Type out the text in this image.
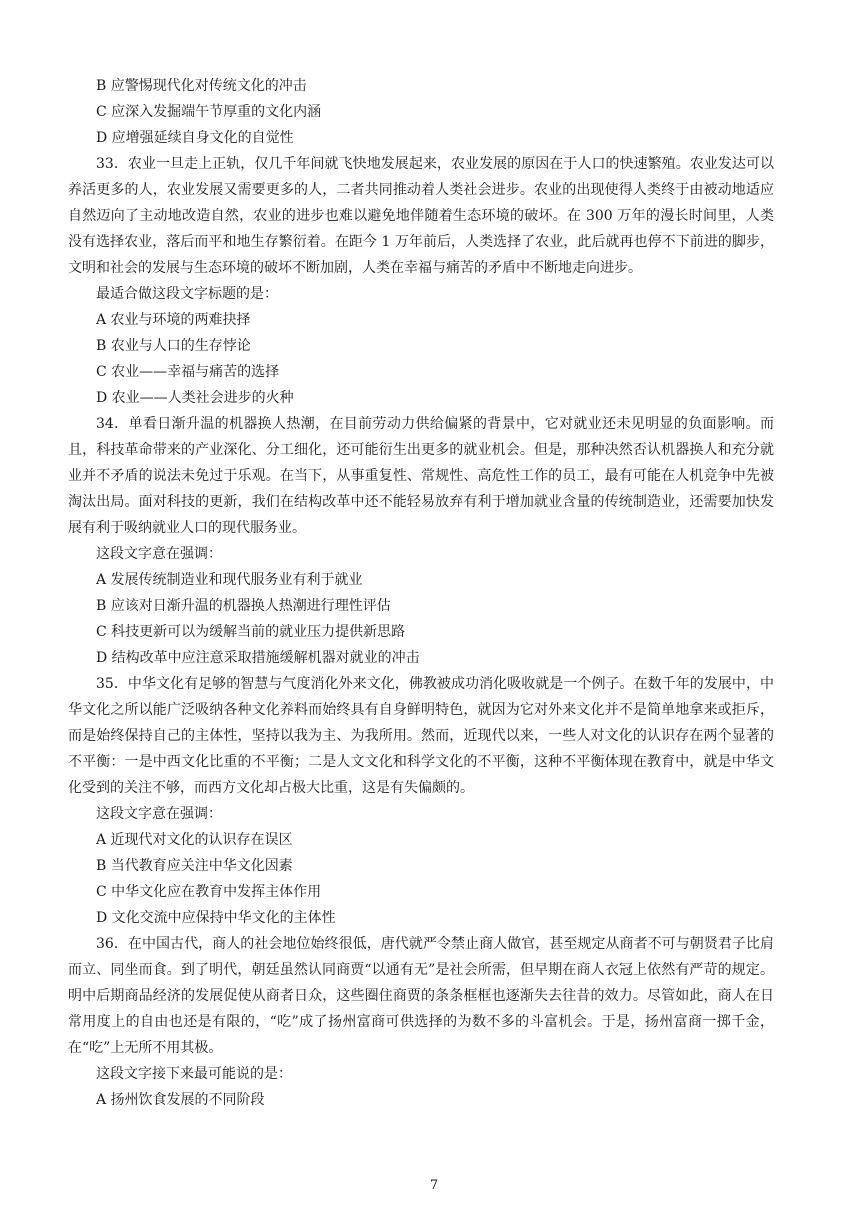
B 应警惕现代化对传统文化的冲击
C 应深入发掘端午节厚重的文化内涵
D 应增强延续自身文化的自觉性
33．农业一旦走上正轨，仅几千年间就飞快地发展起来，农业发展的原因在于人口的快速繁殖。农业发达可以养活更多的人，农业发展又需要更多的人，二者共同推动着人类社会进步。农业的出现使得人类终于由被动地适应自然迈向了主动地改造自然，农业的进步也难以避免地伴随着生态环境的破坏。在 300 万年的漫长时间里，人类没有选择农业，落后而平和地生存繁衍着。在距今 1 万年前后，人类选择了农业，此后就再也停不下前进的脚步，文明和社会的发展与生态环境的破坏不断加剧，人类在幸福与痛苦的矛盾中不断地走向进步。
最适合做这段文字标题的是：
A 农业与环境的两难抉择
B 农业与人口的生存悖论
C 农业——幸福与痛苦的选择
D 农业——人类社会进步的火种
34．单看日渐升温的机器换人热潮，在目前劳动力供给偏紧的背景中，它对就业还未见明显的负面影响。而且，科技革命带来的产业深化、分工细化，还可能衍生出更多的就业机会。但是，那种决然否认机器换人和充分就业并不矛盾的说法未免过于乐观。在当下，从事重复性、常规性、高危性工作的员工，最有可能在人机竞争中先被淘汰出局。面对科技的更新，我们在结构改革中还不能轻易放弃有利于增加就业含量的传统制造业，还需要加快发展有利于吸纳就业人口的现代服务业。
这段文字意在强调：
A 发展传统制造业和现代服务业有利于就业
B 应该对日渐升温的机器换人热潮进行理性评估
C 科技更新可以为缓解当前的就业压力提供新思路
D 结构改革中应注意采取措施缓解机器对就业的冲击
35．中华文化有足够的智慧与气度消化外来文化，佛教被成功消化吸收就是一个例子。在数千年的发展中，中华文化之所以能广泛吸纳各种文化养料而始终具有自身鲜明特色，就因为它对外来文化并不是简单地拿来或拒斥，而是始终保持自己的主体性，坚持以我为主、为我所用。然而，近现代以来，一些人对文化的认识存在两个显著的不平衡：一是中西文化比重的不平衡；二是人文文化和科学文化的不平衡，这种不平衡体现在教育中，就是中华文化受到的关注不够，而西方文化却占极大比重，这是有失偏颇的。
这段文字意在强调：
A 近现代对文化的认识存在误区
B 当代教育应关注中华文化因素
C 中华文化应在教育中发挥主体作用
D 文化交流中应保持中华文化的主体性
36．在中国古代，商人的社会地位始终很低，唐代就严令禁止商人做官，甚至规定从商者不可与朝贤君子比肩而立、同坐而食。到了明代，朝廷虽然认同商贾“以通有无”是社会所需，但早期在商人衣冠上依然有严苛的规定。明中后期商品经济的发展促使从商者日众，这些圈住商贾的条条框框也逐渐失去往昔的效力。尽管如此，商人在日常用度上的自由也还是有限的，“吃”成了扬州富商可供选择的为数不多的斗富机会。于是，扬州富商一掷千金，在“吃”上无所不用其极。
这段文字接下来最可能说的是：
A 扬州饮食发展的不同阶段
7
